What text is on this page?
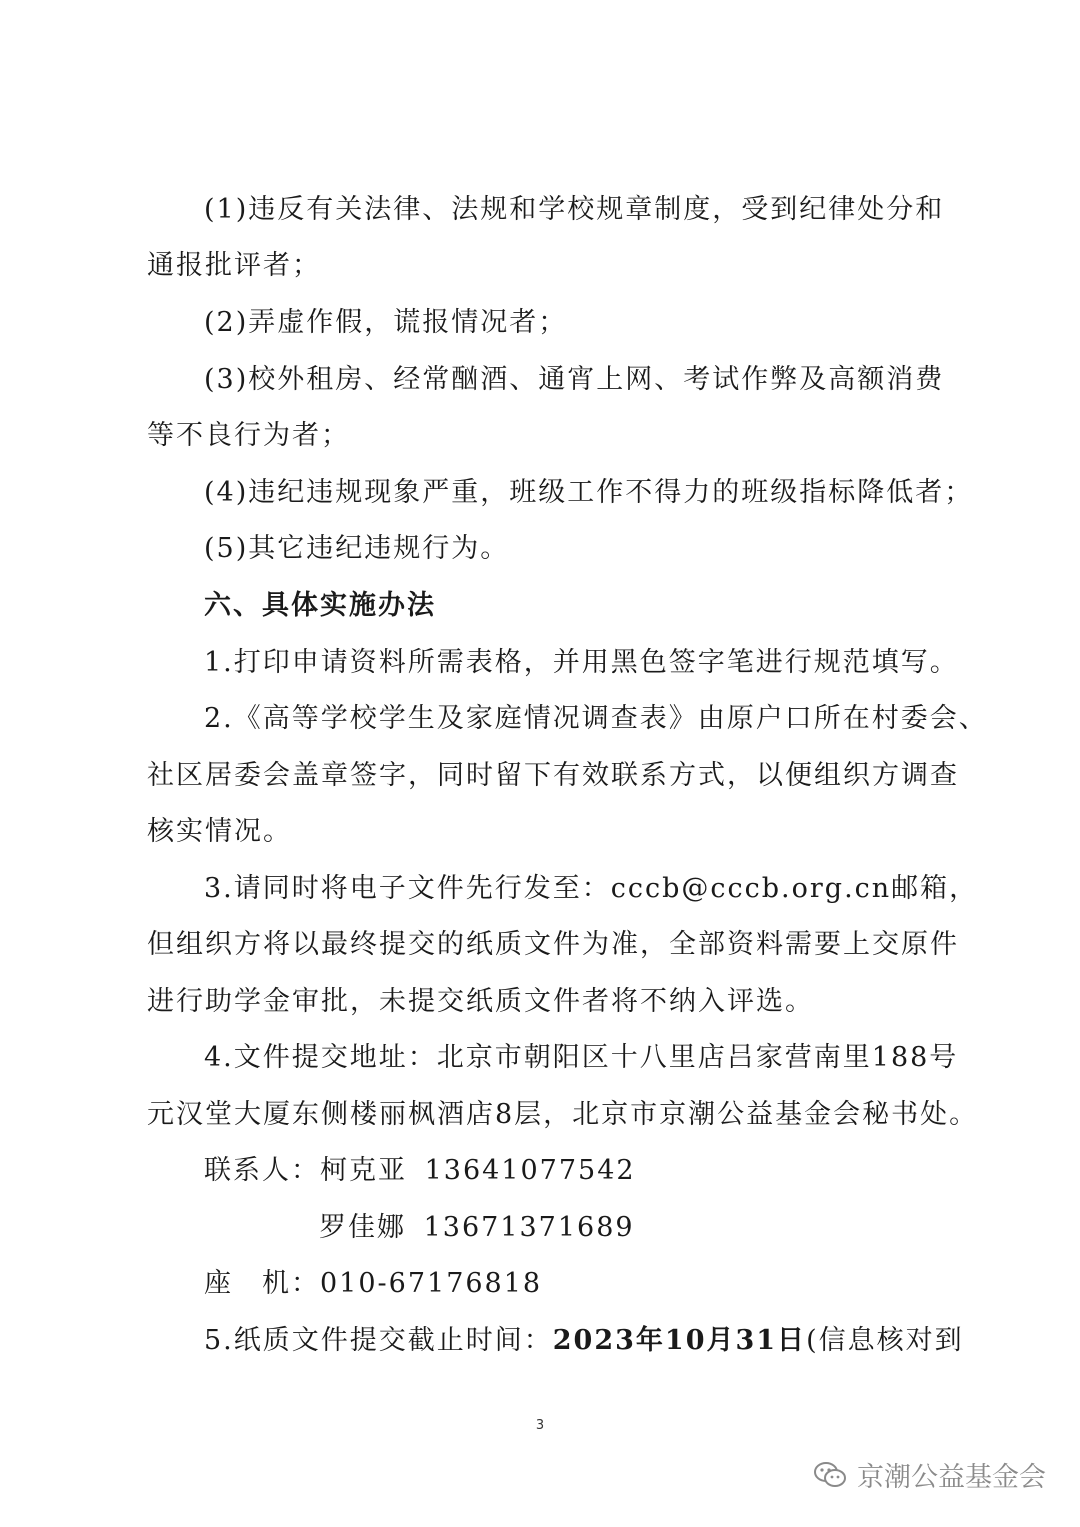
(1)违反有关法律、法规和学校规章制度，受到纪律处分和
通报批评者；
(2)弄虚作假，谎报情况者；
(3)校外租房、经常酗酒、通宵上网、考试作弊及高额消费
等不良行为者；
(4)违纪违规现象严重，班级工作不得力的班级指标降低者；
(5)其它违纪违规行为。
六、具体实施办法
1.打印申请资料所需表格，并用黑色签字笔进行规范填写。
2.《高等学校学生及家庭情况调查表》由原户口所在村委会、
社区居委会盖章签字，同时留下有效联系方式，以便组织方调查
核实情况。
3.请同时将电子文件先行发至：cccb@cccb.org.cn邮箱，
但组织方将以最终提交的纸质文件为准，全部资料需要上交原件
进行助学金审批，未提交纸质文件者将不纳入评选。
4.文件提交地址：北京市朝阳区十八里店吕家营南里188号
元汉堂大厦东侧楼丽枫酒店8层，北京市京潮公益基金会秘书处。
联系人：柯克亚 13641077542
罗佳娜 13671371689
座　机：010-67176818
5.纸质文件提交截止时间：2023年10月31日(信息核对到
3
京潮公益基金会
